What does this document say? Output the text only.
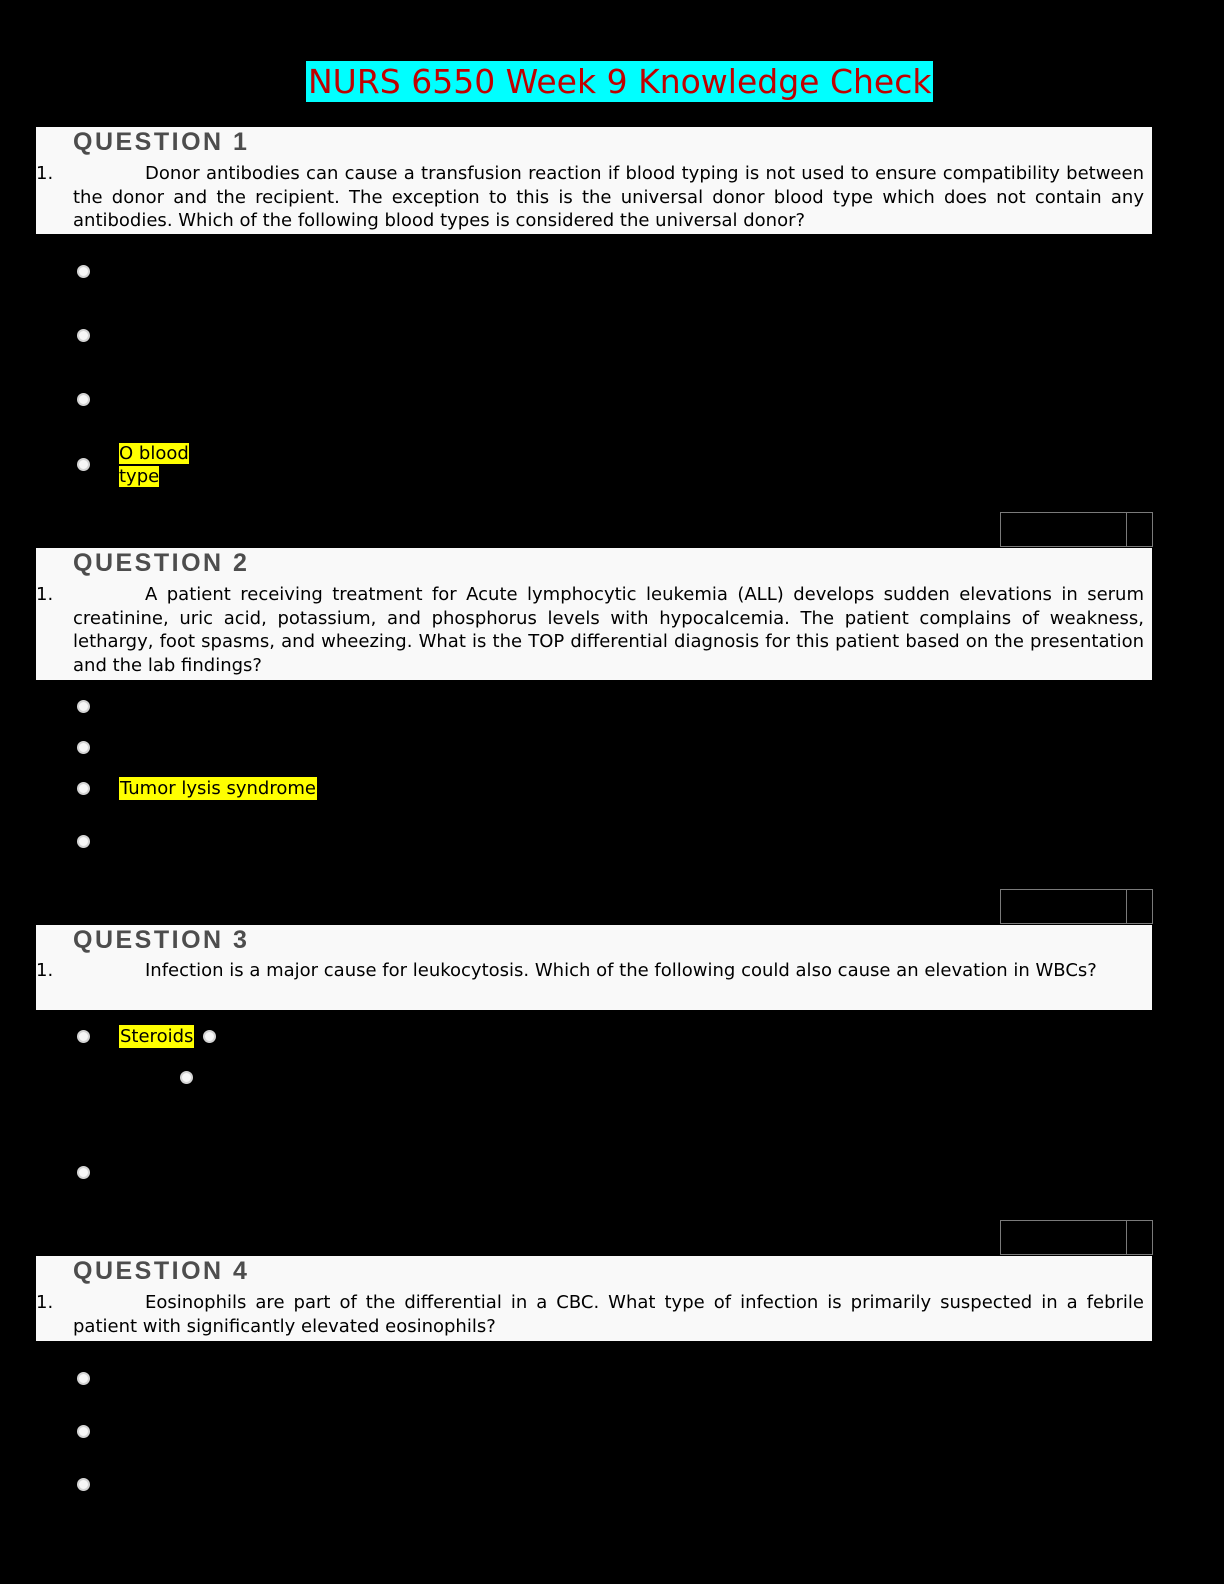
NURS 6550 Week 9 Knowledge Check
QUESTION 1
1.	Donor antibodies can cause a transfusion reaction if blood typing is not used to ensure compatibility between the donor and the recipient. The exception to this is the universal donor blood type which does not contain any antibodies. Which of the following blood types is considered the universal donor?
O blood type
QUESTION 2
1.	A patient receiving treatment for Acute lymphocytic leukemia (ALL) develops sudden elevations in serum creatinine, uric acid, potassium, and phosphorus levels with hypocalcemia. The patient complains of weakness, lethargy, foot spasms, and wheezing. What is the TOP differential diagnosis for this patient based on the presentation and the lab findings?
Tumor lysis syndrome
QUESTION 3
1.	Infection is a major cause for leukocytosis. Which of the following could also cause an elevation in WBCs?
Steroids
QUESTION 4
1.	Eosinophils are part of the differential in a CBC. What type of infection is primarily suspected in a febrile patient with significantly elevated eosinophils?
